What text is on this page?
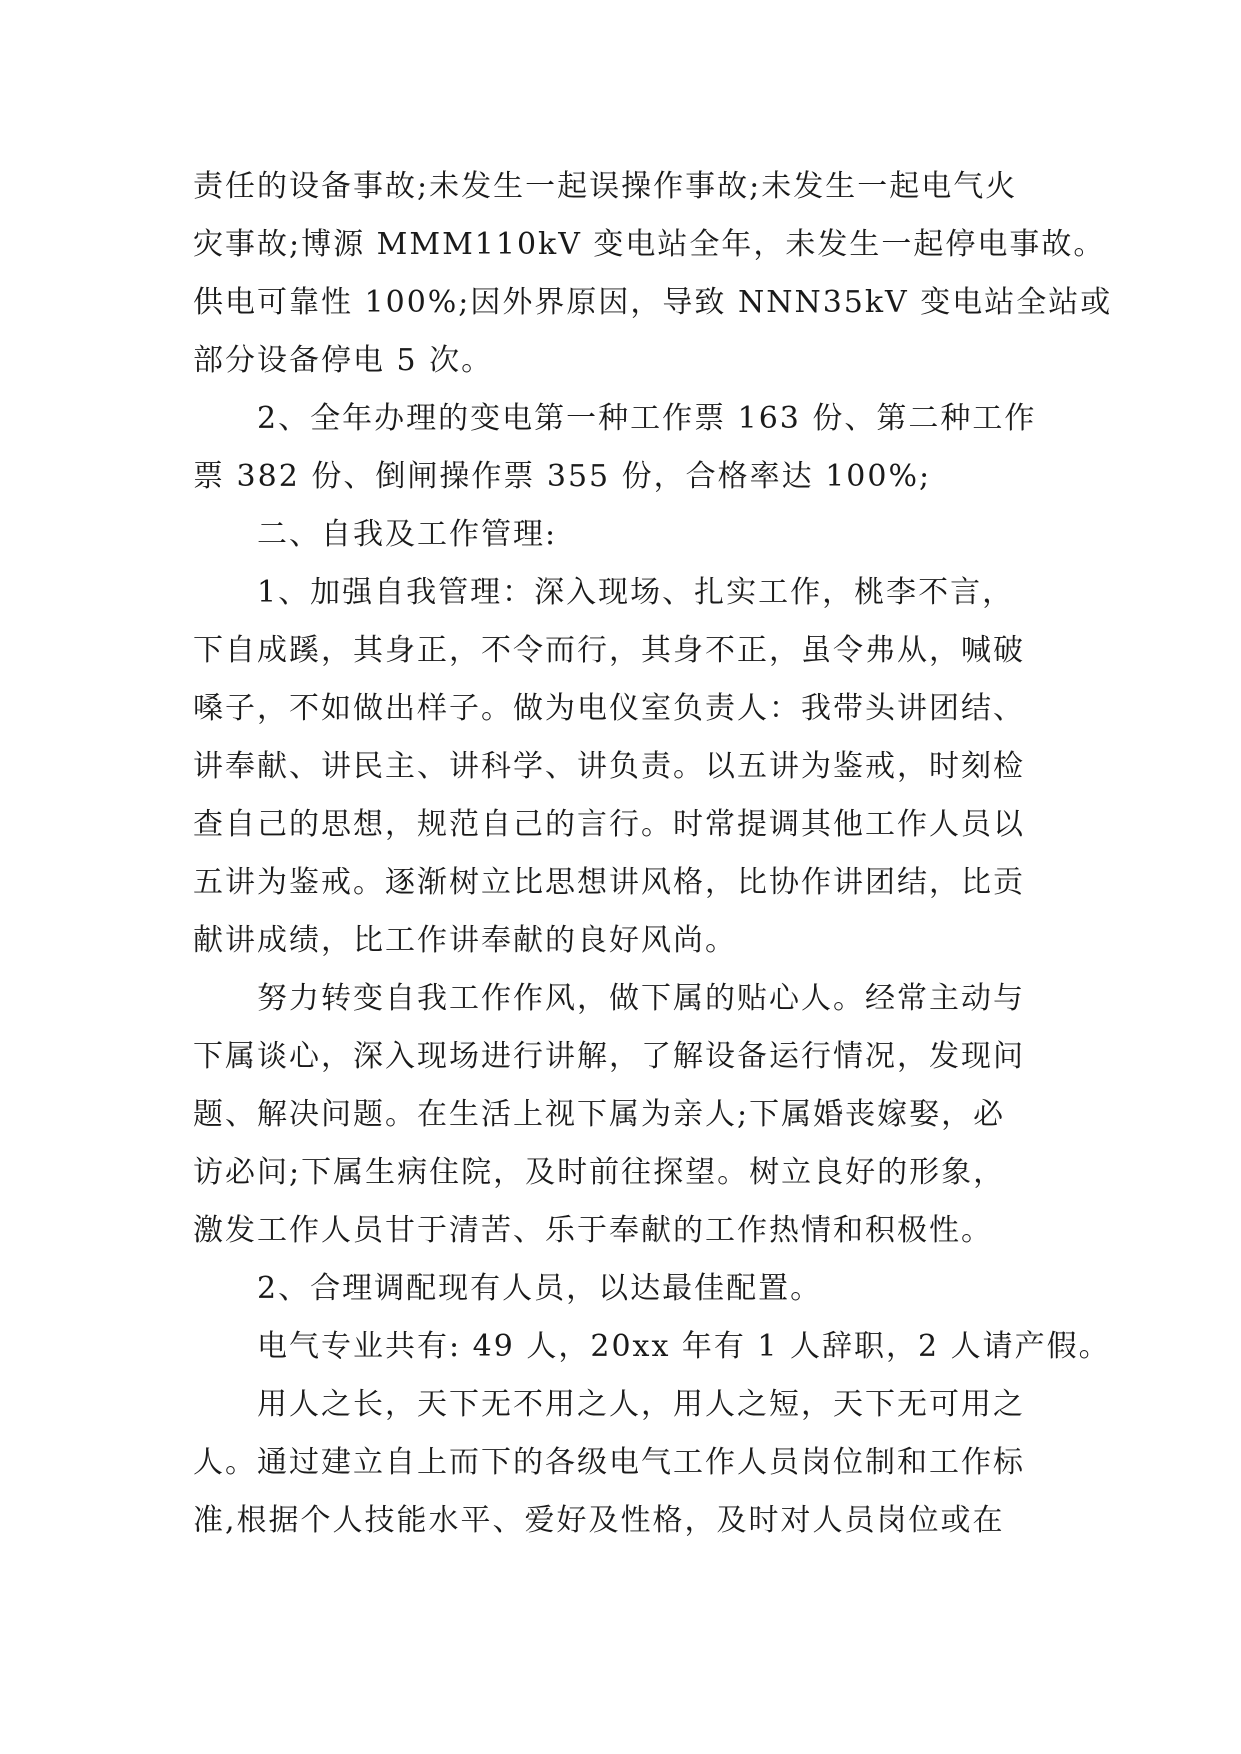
责任的设备事故;未发生一起误操作事故;未发生一起电气火
灾事故;博源 MMM110kV 变电站全年，未发生一起停电事故。
供电可靠性 100%;因外界原因，导致 NNN35kV 变电站全站或
部分设备停电 5 次。

2、全年办理的变电第一种工作票 163 份、第二种工作
票 382 份、倒闸操作票 355 份，合格率达 100%;

二、自我及工作管理:

1、加强自我管理：深入现场、扎实工作，桃李不言，
下自成蹊，其身正，不令而行，其身不正，虽令弗从，喊破
嗓子，不如做出样子。做为电仪室负责人：我带头讲团结、
讲奉献、讲民主、讲科学、讲负责。以五讲为鉴戒，时刻检
查自己的思想，规范自己的言行。时常提调其他工作人员以
五讲为鉴戒。逐渐树立比思想讲风格，比协作讲团结，比贡
献讲成绩，比工作讲奉献的良好风尚。

努力转变自我工作作风，做下属的贴心人。经常主动与
下属谈心，深入现场进行讲解，了解设备运行情况，发现问
题、解决问题。在生活上视下属为亲人;下属婚丧嫁娶，必
访必问;下属生病住院，及时前往探望。树立良好的形象，
激发工作人员甘于清苦、乐于奉献的工作热情和积极性。

2、合理调配现有人员，以达最佳配置。

电气专业共有: 49 人，20xx 年有 1 人辞职，2 人请产假。

用人之长，天下无不用之人，用人之短，天下无可用之
人。通过建立自上而下的各级电气工作人员岗位制和工作标
准,根据个人技能水平、爱好及性格，及时对人员岗位或在
